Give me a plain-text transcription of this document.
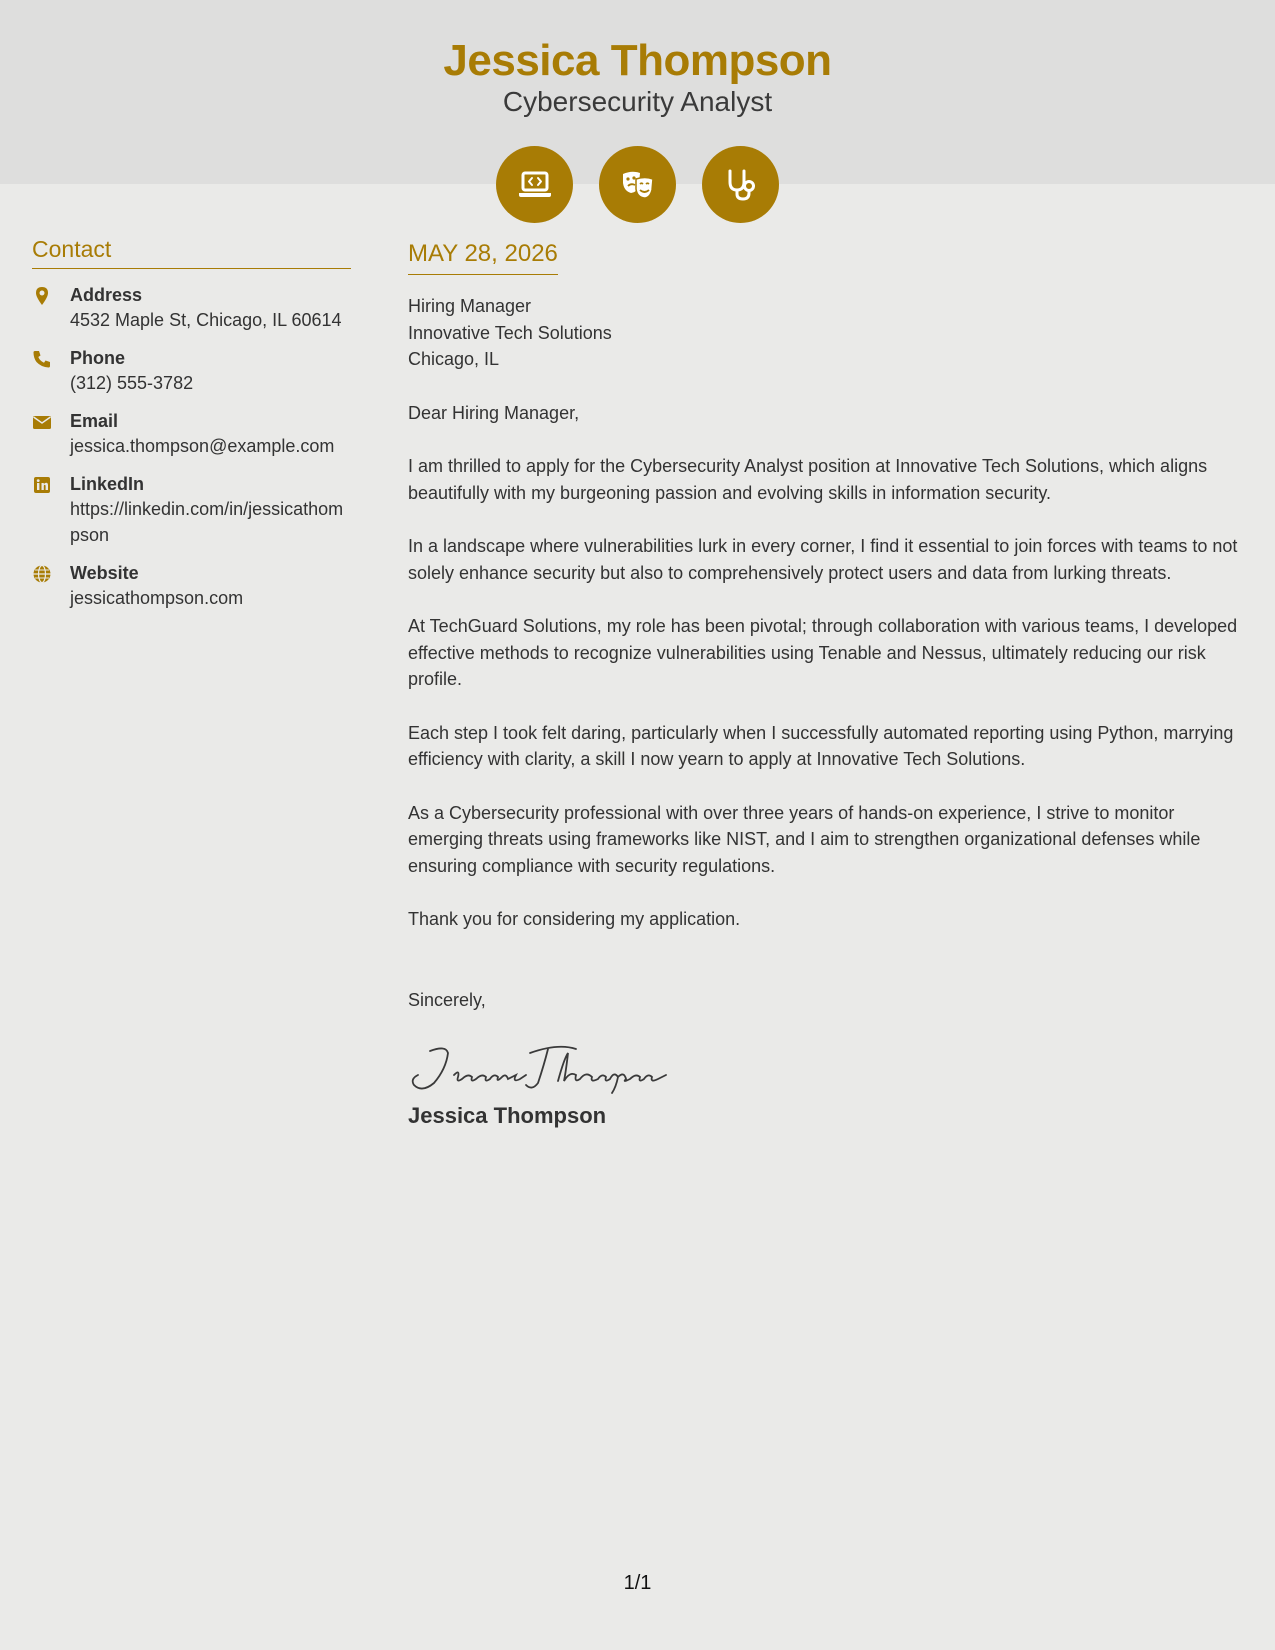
Jessica Thompson
Cybersecurity Analyst
Contact
Address
4532 Maple St, Chicago, IL 60614
Phone
(312) 555-3782
Email
jessica.thompson@example.com
LinkedIn
https://linkedin.com/in/jessicathompson
Website
jessicathompson.com
MAY 28, 2026
Hiring Manager
Innovative Tech Solutions
Chicago, IL
Dear Hiring Manager,
I am thrilled to apply for the Cybersecurity Analyst position at Innovative Tech Solutions, which aligns beautifully with my burgeoning passion and evolving skills in information security.
In a landscape where vulnerabilities lurk in every corner, I find it essential to join forces with teams to not solely enhance security but also to comprehensively protect users and data from lurking threats.
At TechGuard Solutions, my role has been pivotal; through collaboration with various teams, I developed effective methods to recognize vulnerabilities using Tenable and Nessus, ultimately reducing our risk profile.
Each step I took felt daring, particularly when I successfully automated reporting using Python, marrying efficiency with clarity, a skill I now yearn to apply at Innovative Tech Solutions.
As a Cybersecurity professional with over three years of hands-on experience, I strive to monitor emerging threats using frameworks like NIST, and I aim to strengthen organizational defenses while ensuring compliance with security regulations.
Thank you for considering my application.
Sincerely,
Jessica Thompson
1/1
